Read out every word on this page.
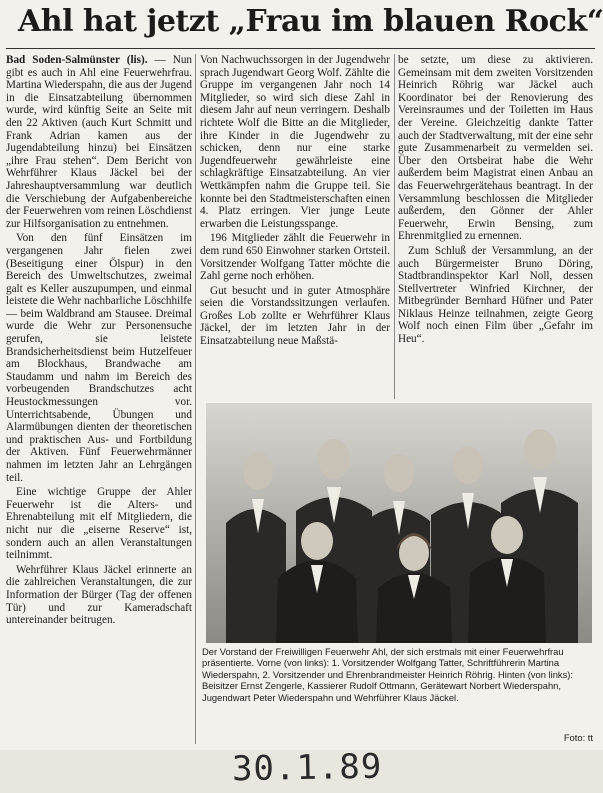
Ahl hat jetzt „Frau im blauen Rock“

Bad Soden-Salmünster (lis). — Nun gibt es auch in Ahl eine Feuerwehrfrau. Martina Wiederspahn, die aus der Jugend in die Einsatzabteilung übernommen wurde, wird künftig Seite an Seite mit den 22 Aktiven (auch Kurt Schmitt und Frank Adrian kamen aus der Jugendabteilung hinzu) bei Einsätzen „ihre Frau stehen“. Dem Bericht von Wehrführer Klaus Jäckel bei der Jahreshauptversammlung war deutlich die Verschiebung der Aufgabenbereiche der Feuerwehren vom reinen Löschdienst zur Hilfsorganisation zu entnehmen.

Von den fünf Einsätzen im vergangenen Jahr fielen zwei (Beseitigung einer Ölspur) in den Bereich des Umweltschutzes, zweimal galt es Keller auszupumpen, und einmal leistete die Wehr nachbarliche Löschhilfe — beim Waldbrand am Stausee. Dreimal wurde die Wehr zur Personensuche gerufen, sie leistete Brandsicherheitsdienst beim Hutzelfeuer am Blockhaus, Brandwache am Staudamm und nahm im Bereich des vorbeugenden Brandschutzes acht Heustockmessungen vor. Unterrichtsabende, Übungen und Alarmübungen dienten der theoretischen und praktischen Aus- und Fortbildung der Aktiven. Fünf Feuerwehrmänner nahmen im letzten Jahr an Lehrgängen teil.

Eine wichtige Gruppe der Ahler Feuerwehr ist die Alters- und Ehrenabteilung mit elf Mitgliedern, die nicht nur die „eiserne Reserve“ ist, sondern auch an allen Veranstaltungen teilnimmt.

Wehrführer Klaus Jäckel erinnerte an die zahlreichen Veranstaltungen, die zur Information der Bürger (Tag der offenen Tür) und zur Kameradschaft untereinander beitrugen.

Von Nachwuchssorgen in der Jugendwehr sprach Jugendwart Georg Wolf. Zählte die Gruppe im vergangenen Jahr noch 14 Mitglieder, so wird sich diese Zahl in diesem Jahr auf neun verringern. Deshalb richtete Wolf die Bitte an die Mitglieder, ihre Kinder in die Jugendwehr zu schicken, denn nur eine starke Jugendfeuerwehr gewährleiste eine schlagkräftige Einsatzabteilung. An vier Wettkämpfen nahm die Gruppe teil. Sie konnte bei den Stadtmeisterschaften einen 4. Platz erringen. Vier junge Leute erwarben die Leistungsspange.

196 Mitglieder zählt die Feuerwehr in dem rund 650 Einwohner starken Ortsteil. Vorsitzender Wolfgang Tatter möchte die Zahl gerne noch erhöhen.

Gut besucht und in guter Atmosphäre seien die Vorstandssitzungen verlaufen. Großes Lob zollte er Wehrführer Klaus Jäckel, der im letzten Jahr in der Einsatzabteilung neue Maßstä-

be setzte, um diese zu aktivieren. Gemeinsam mit dem zweiten Vorsitzenden Heinrich Röhrig war Jäckel auch Koordinator bei der Renovierung des Vereinsraumes und der Toiletten im Haus der Vereine. Gleichzeitig dankte Tatter auch der Stadtverwaltung, mit der eine sehr gute Zusammenarbeit zu vermelden sei. Über den Ortsbeirat habe die Wehr außerdem beim Magistrat einen Anbau an das Feuerwehrgerätehaus beantragt. In der Versammlung beschlossen die Mitglieder außerdem, den Gönner der Ahler Feuerwehr, Erwin Bensing, zum Ehrenmitglied zu ernennen.

Zum Schluß der Versammlung, an der auch Bürgermeister Bruno Döring, Stadtbrandinspektor Karl Noll, dessen Stellvertreter Winfried Kirchner, der Mitbegründer Bernhard Hüfner und Pater Niklaus Heinze teilnahmen, zeigte Georg Wolf noch einen Film über „Gefahr im Heu“.

Der Vorstand der Freiwilligen Feuerwehr Ahl, der sich erstmals mit einer Feuerwehrfrau präsentierte. Vorne (von links): 1. Vorsitzender Wolfgang Tatter, Schriftführerin Martina Wiederspahn, 2. Vorsitzender und Ehrenbrandmeister Heinrich Röhrig. Hinten (von links): Beisitzer Ernst Zengerle, Kassierer Rudolf Ottmann, Gerätewart Norbert Wiederspahn, Jugendwart Peter Wiederspahn und Wehrführer Klaus Jäckel.
Foto: tt
30.1.89
